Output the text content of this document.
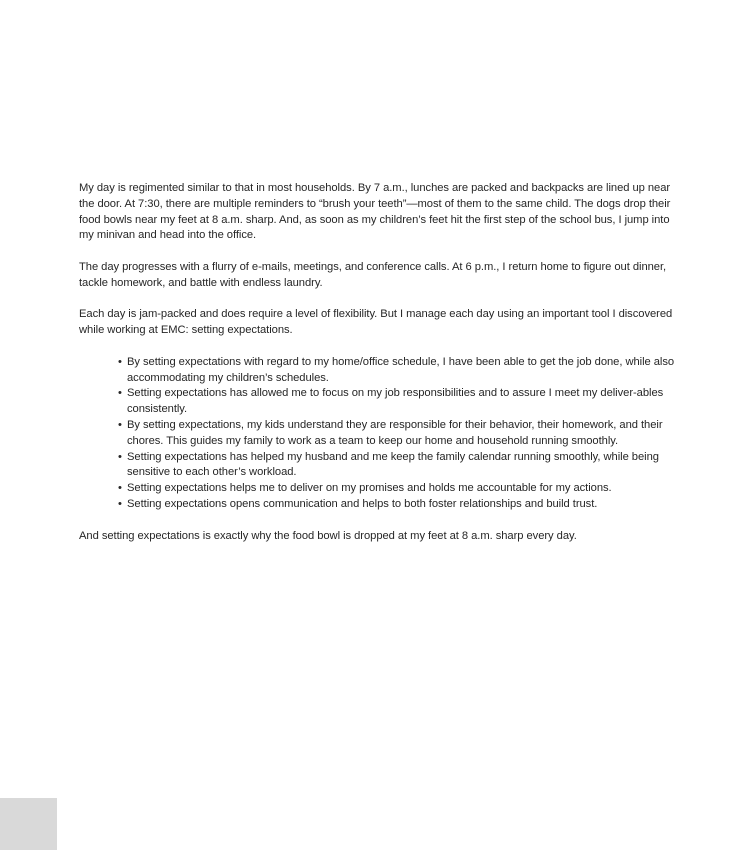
My day is regimented similar to that in most households. By 7 a.m., lunches are packed and backpacks are lined up near the door. At 7:30, there are multiple reminders to “brush your teeth”—most of them to the same child. The dogs drop their food bowls near my feet at 8 a.m. sharp. And, as soon as my children’s feet hit the first step of the school bus, I jump into my minivan and head into the office.

The day progresses with a flurry of e-mails, meetings, and conference calls. At 6 p.m., I return home to figure out dinner, tackle homework, and battle with endless laundry.

Each day is jam-packed and does require a level of flexibility. But I manage each day using an important tool I discovered while working at EMC: setting expectations.

• By setting expectations with regard to my home/office schedule, I have been able to get the job done, while also accommodating my children’s schedules.
• Setting expectations has allowed me to focus on my job responsibilities and to assure I meet my deliver-ables consistently.
• By setting expectations, my kids understand they are responsible for their behavior, their homework, and their chores. This guides my family to work as a team to keep our home and household running smoothly.
• Setting expectations has helped my husband and me keep the family calendar running smoothly, while being sensitive to each other’s workload.
• Setting expectations helps me to deliver on my promises and holds me accountable for my actions.
• Setting expectations opens communication and helps to both foster relationships and build trust.

And setting expectations is exactly why the food bowl is dropped at my feet at 8 a.m. sharp every day.
